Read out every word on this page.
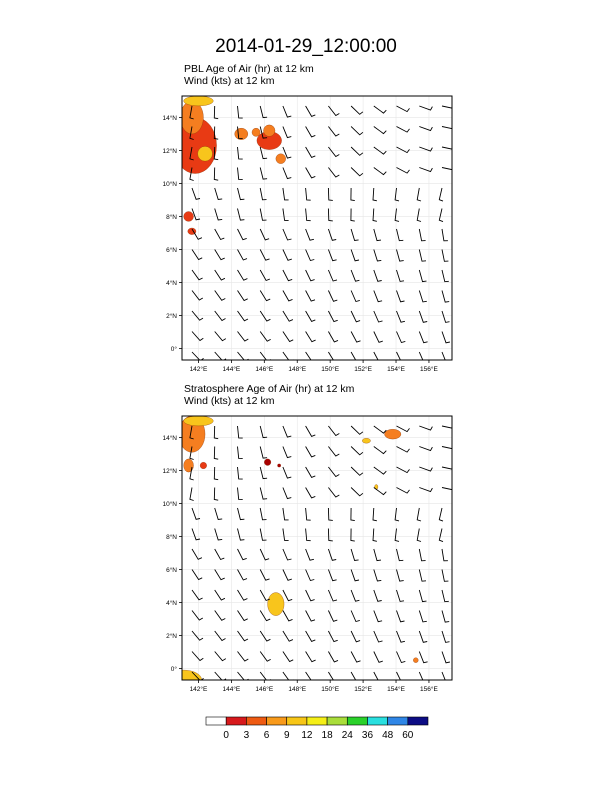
2014-01-29_12:00:00
PBL Age of Air (hr) at 12 km
Wind (kts) at 12 km
142°E 144°E 146°E 148°E 150°E 152°E 154°E 156°E
0°
2°N
4°N
6°N
8°N
10°N
12°N
14°N
Stratosphere Age of Air (hr) at 12 km
Wind (kts) at 12 km
142°E 144°E 146°E 148°E 150°E 152°E 154°E 156°E
0°
2°N
4°N
6°N
8°N
10°N
12°N
14°N
0 3 6 9 12 18 24 36 48 60
